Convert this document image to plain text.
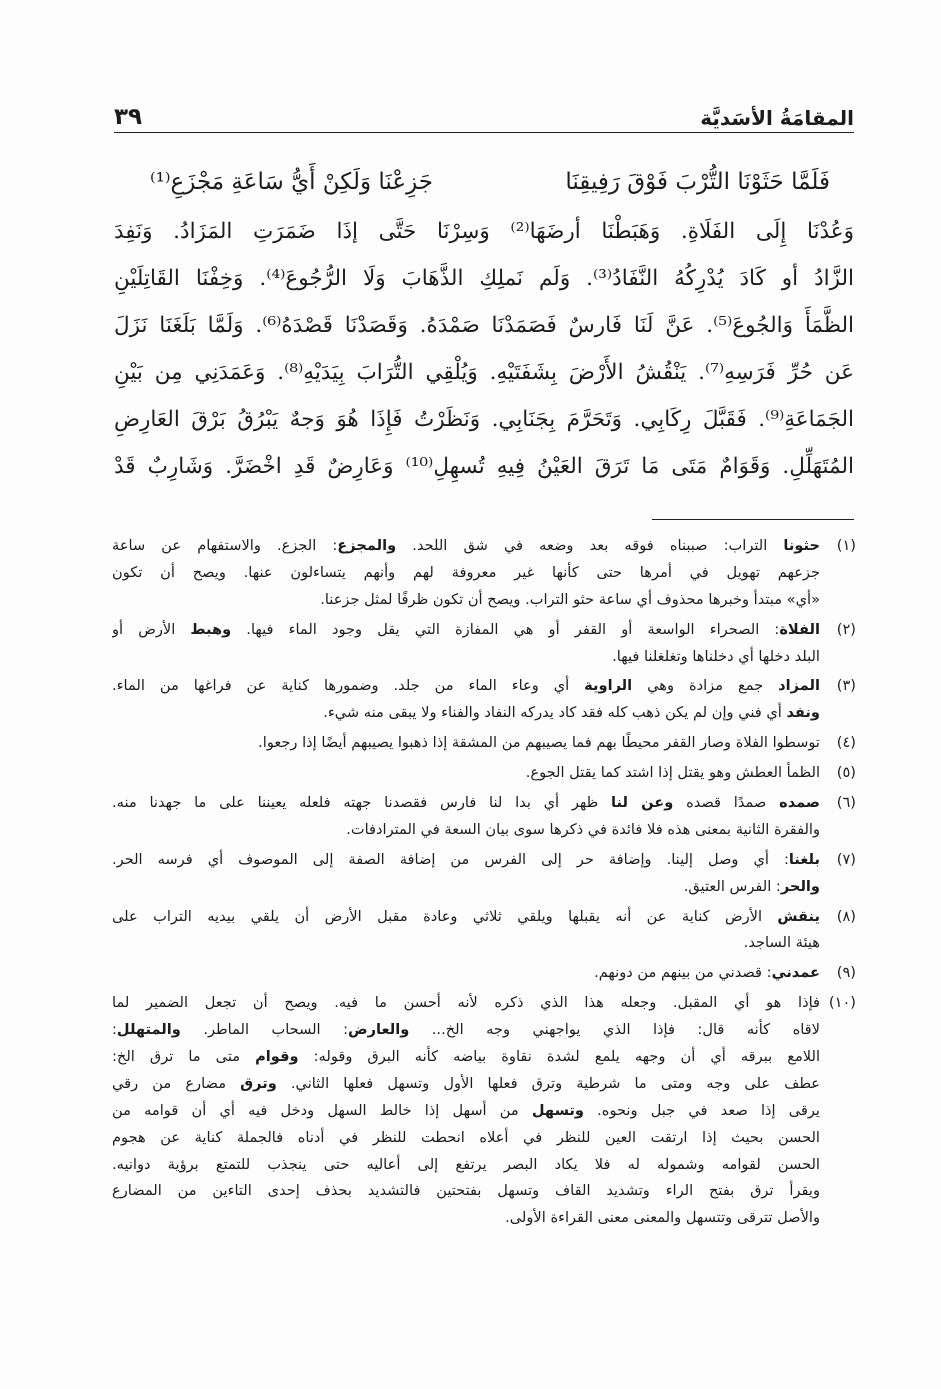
٣٩	المقامَةُ الأسَديَّة
فَلَمَّا حَثَوْنَا التُّرْبَ فَوْقَ رَفِيقِنَا
جَزِعْنَا وَلَكِنْ أَيُّ سَاعَةِ مَجْزَعِ⁽¹⁾
وَعُدْنَا إِلَى الفَلَاةِ. وَهَبَطْنَا أرضَهَا⁽²⁾ وَسِرْنَا حَتَّى إذَا ضَمَرَتِ المَزَادُ. وَنَفِدَ
الزَّادُ أو كَادَ يُدْرِكُهُ النَّفَادُ⁽³⁾. وَلَم نَملِكِ الذَّهَابَ وَلَا الرُّجُوعَ⁽⁴⁾. وَخِفْنَا القَاتِلَيْنِ
الظَّمَأَ وَالجُوعَ⁽⁵⁾. عَنَّ لَنَا فَارسٌ فَصَمَدْنَا صَمْدَهُ. وَقَصَدْنَا قَصْدَهُ⁽⁶⁾. وَلَمَّا بَلَغَنَا نَزَلَ
عَن حُرِّ فَرَسِهِ⁽⁷⁾. يَنْقُشُ الأَرْضَ بِشَفَتَيْهِ. وَيُلْقِي التُّرَابَ بِيَدَيْهِ⁽⁸⁾. وَعَمَدَنِي مِن بَيْنِ
الجَمَاعَةِ⁽⁹⁾. فَقَبَّلَ رِكَابِي. وَتَحَرَّمَ بِجَنَابِي. وَنَظَرْتُ فَإِذَا هُوَ وَجهٌ يَبْرُقُ بَرْقَ العَارِضِ
المُتَهَلِّلِ. وَقَوَامٌ مَتَى مَا تَرَقَ العَيْنُ فِيهِ تُسهِلِ⁽¹⁰⁾ وَعَارِضٌ قَدِ اخْضَرَّ. وَشَارِبٌ قَدْ
(١)
حثونا التراب: صببناه فوقه بعد وضعه في شق اللحد. والمجزع: الجزع. والاستفهام عن ساعة
جزعهم تهويل في أمرها حتى كأنها غير معروفة لهم وأنهم يتساءلون عنها. ويصح أن تكون
«أي» مبتدأ وخبرها محذوف أي ساعة حثو التراب. ويصح أن تكون ظرفًا لمثل جزعنا.
(٢)
الفلاة: الصحراء الواسعة أو القفر أو هي المفازة التي يقل وجود الماء فيها. وهبط الأرض أو
البلد دخلها أي دخلناها وتغلغلنا فيها.
(٣)
المزاد جمع مزادة وهي الراوية أي وعاء الماء من جلد. وضمورها كناية عن فراغها من الماء.
ونفد أي فني وإن لم يكن ذهب كله فقد كاد يدركه النفاد والفناء ولا يبقى منه شيء.
(٤)
توسطوا الفلاة وصار القفر محيطًا بهم فما يصيبهم من المشقة إذا ذهبوا يصيبهم أيضًا إذا رجعوا.
(٥)
الظمأ العطش وهو يقتل إذا اشتد كما يقتل الجوع.
(٦)
صمده صمدًا قصده وعن لنا ظهر أي بدا لنا فارس فقصدنا جهته فلعله يعيننا على ما جهدنا منه.
والفقرة الثانية بمعنى هذه فلا فائدة في ذكرها سوى بيان السعة في المترادفات.
(٧)
بلغنا: أي وصل إلينا. وإضافة حر إلى الفرس من إضافة الصفة إلى الموصوف أي فرسه الحر.
والحر: الفرس العتيق.
(٨)
ينقش الأرض كناية عن أنه يقبلها ويلقي ثلاثي وعادة مقبل الأرض أن يلقي بيديه التراب على
هيئة الساجد.
(٩)
عمدني: قصدني من بينهم من دونهم.
(١٠)
فإذا هو أي المقبل. وجعله هذا الذي ذكره لأنه أحسن ما فيه. ويصح أن تجعل الضمير لما
لاقاه كأنه قال: فإذا الذي يواجهني وجه الخ... والعارض: السحاب الماطر. والمتهلل:
اللامع ببرقه أي أن وجهه يلمع لشدة نقاوة بياضه كأنه البرق وقوله: وقوام متى ما ترق الخ:
عطف على وجه ومتى ما شرطية وترق فعلها الأول وتسهل فعلها الثاني. وترق مضارع من رقي
يرقى إذا صعد في جبل ونحوه. وتسهل من أسهل إذا خالط السهل ودخل فيه أي أن قوامه من
الحسن بحيث إذا ارتقت العين للنظر في أعلاه انحطت للنظر في أدناه فالجملة كناية عن هجوم
الحسن لقوامه وشموله له فلا يكاد البصر يرتفع إلى أعاليه حتى ينجذب للتمتع برؤية دوانيه.
ويقرأ ترق بفتح الراء وتشديد القاف وتسهل بفتحتين فالتشديد بحذف إحدى التاءين من المضارع
والأصل تترقى وتتسهل والمعنى معنى القراءة الأولى.
